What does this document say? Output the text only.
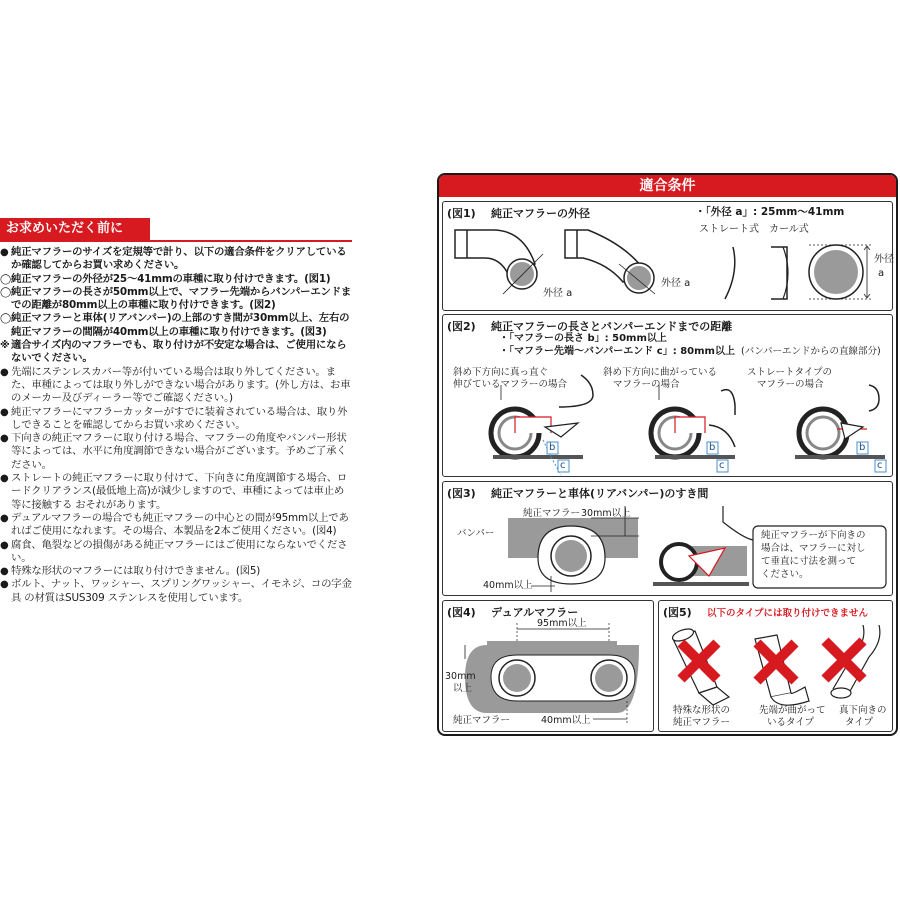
お求めいただく前に
● 純正マフラーのサイズを定規等で計り、以下の適合条件をクリアしているか確認してからお買い求めください。
◯ 純正マフラーの外径が25～41mmの車種に取り付けできます。(図1)
◯ 純正マフラーの長さが50mm以上で、マフラー先端からバンパーエンドまでの距離が80mm以上の車種に取り付けできます。(図2)
◯ 純正マフラーと車体(リアバンパー)の上部のすき間が30mm以上、左右の純正マフラーの間隔が40mm以上の車種に取り付けできます。(図3)
※ 適合サイズ内のマフラーでも、取り付けが不安定な場合は、ご使用にならないでください。
● 先端にステンレスカバー等が付いている場合は取り外してください。また、車種によっては取り外しができない場合があります。(外し方は、お車のメーカー及びディーラー等でご確認ください。)
● 純正マフラーにマフラーカッターがすでに装着されている場合は、取り外しできることを確認してからお買い求めください。
● 下向きの純正マフラーに取り付ける場合、マフラーの角度やバンパー形状等によっては、水平に角度調節できない場合がございます。予めご了承ください。
● ストレートの純正マフラーに取り付けて、下向きに角度調節する場合、ロードクリアランス(最低地上高)が減少しますので、車種によっては車止め等に接触する おそれがあります。
● デュアルマフラーの場合でも純正マフラーの中心との間が95mm以上であればご使用になれます。その場合、本製品を2本ご使用ください。(図4)
● 腐食、亀裂などの損傷がある純正マフラーにはご使用にならないでください。
● 特殊な形状のマフラーには取り付けできません。(図5)
● ボルト、ナット、ワッシャー、スプリングワッシャー、イモネジ、コの字金具 の材質はSUS309 ステンレスを使用しています。
適合条件
(図1) 純正マフラーの外径	・「外径 a」: 25mm～41mm
外径 a
外径 a
ストレート式 カール式
外径
a
(図2) 純正マフラーの長さとバンパーエンドまでの距離
・「マフラーの長さ b」: 50mm以上
・「マフラー先端～バンパーエンド c」: 80mm以上 (バンパーエンドからの直線部分)
斜め下方向に真っ直ぐ
伸びているマフラーの場合
斜め下方向に曲がっている
マフラーの場合
ストレートタイプの
マフラーの場合
b
c
b
c
b
c
(図3) 純正マフラーと車体(リアバンパー)のすき間
純正マフラー 30mm以上
バンパー
40mm以上
純正マフラーが下向きの
場合は、マフラーに対し
て垂直に寸法を測って
ください。
(図4) デュアルマフラー
95mm以上
30mm
以上
純正マフラー	40mm以上
(図5) 以下のタイプには取り付けできません
特殊な形状の
純正マフラー
先端が曲がって
いるタイプ
真下向きの
タイプ
